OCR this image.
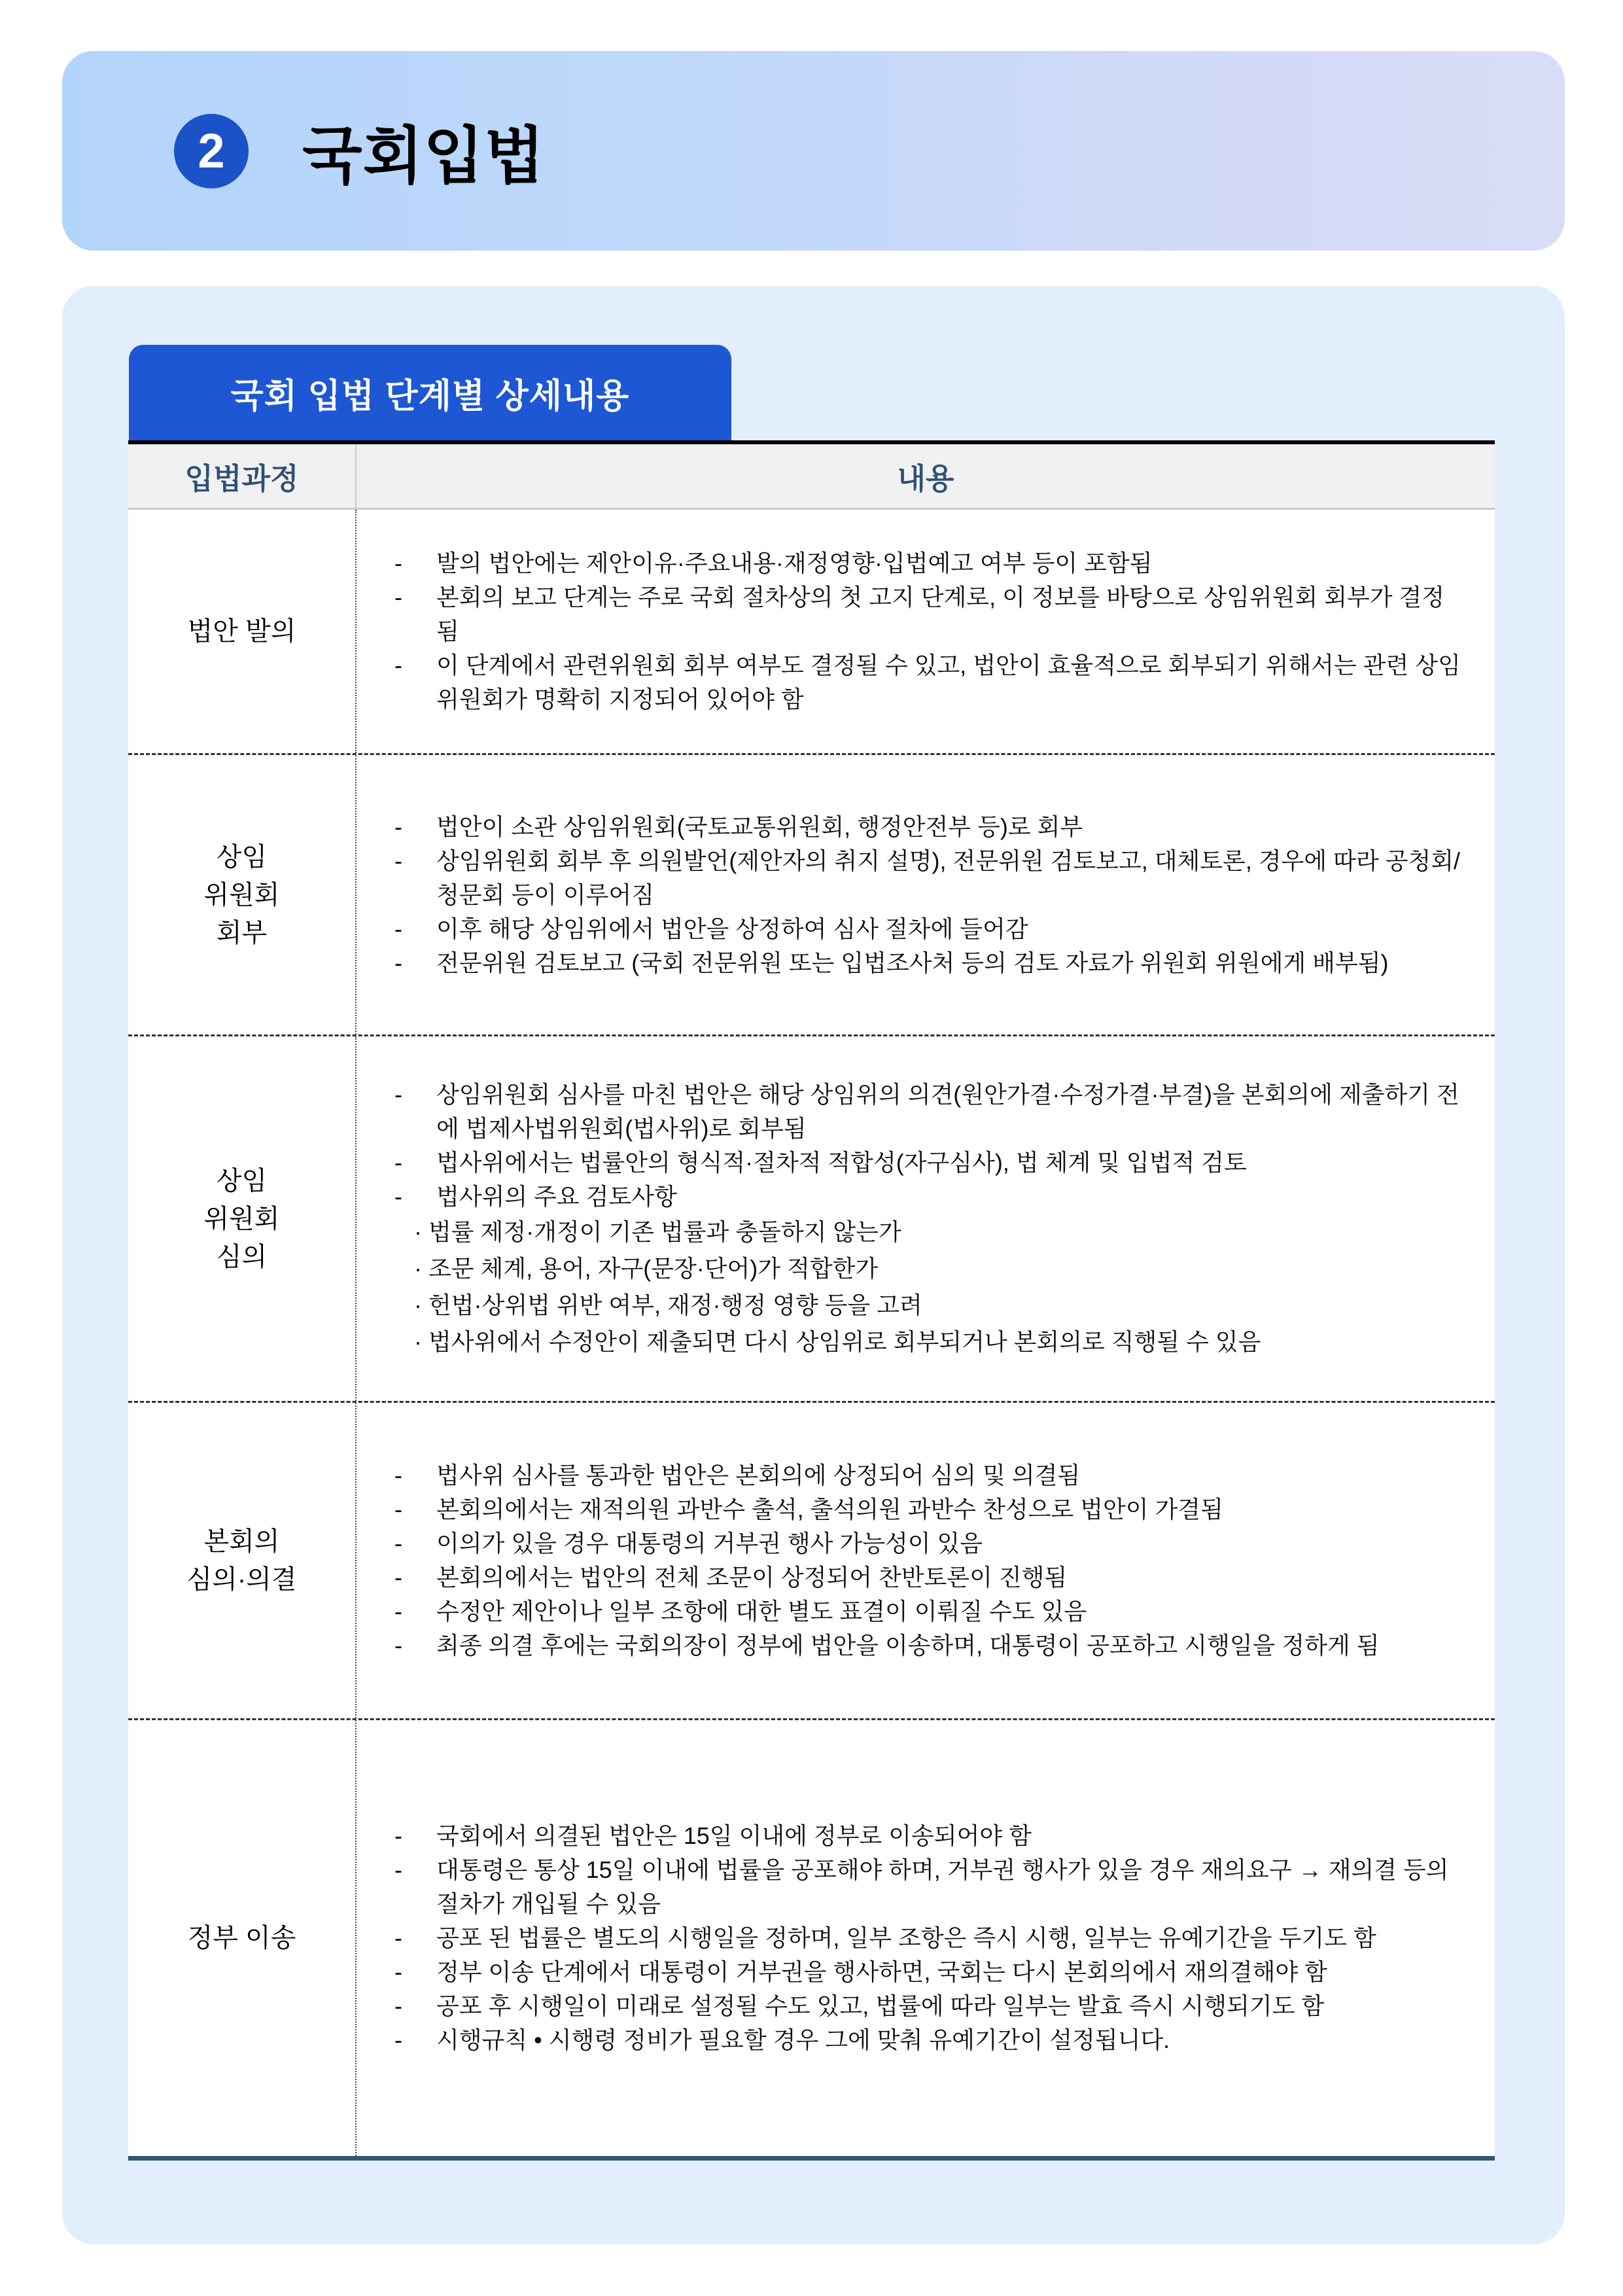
2 국회입법
국회 입법 단계별 상세내용
입법과정	내용
법안 발의
-	발의 법안에는 제안이유·주요내용·재정영향·입법예고 여부 등이 포함됨
-	본회의 보고 단계는 주로 국회 절차상의 첫 고지 단계로, 이 정보를 바탕으로 상임위원회 회부가 결정됨
-	이 단계에서 관련위원회 회부 여부도 결정될 수 있고, 법안이 효율적으로 회부되기 위해서는 관련 상임위원회가 명확히 지정되어 있어야 함
상임
위원회
회부
-	법안이 소관 상임위원회(국토교통위원회, 행정안전부 등)로 회부
-	상임위원회 회부 후 의원발언(제안자의 취지 설명), 전문위원 검토보고, 대체토론, 경우에 따라 공청회/청문회 등이 이루어짐
-	이후 해당 상임위에서 법안을 상정하여 심사 절차에 들어감
-	전문위원 검토보고 (국회 전문위원 또는 입법조사처 등의 검토 자료가 위원회 위원에게 배부됨)
상임
위원회
심의
-	상임위원회 심사를 마친 법안은 해당 상임위의 의견(원안가결·수정가결·부결)을 본회의에 제출하기 전에 법제사법위원회(법사위)로 회부됨
-	법사위에서는 법률안의 형식적·절차적 적합성(자구심사), 법 체계 및 입법적 검토
-	법사위의 주요 검토사항
· 법률 제정·개정이 기존 법률과 충돌하지 않는가
· 조문 체계, 용어, 자구(문장·단어)가 적합한가
· 헌법·상위법 위반 여부, 재정·행정 영향 등을 고려
· 법사위에서 수정안이 제출되면 다시 상임위로 회부되거나 본회의로 직행될 수 있음
본회의
심의·의결
-	법사위 심사를 통과한 법안은 본회의에 상정되어 심의 및 의결됨
-	본회의에서는 재적의원 과반수 출석, 출석의원 과반수 찬성으로 법안이 가결됨
-	이의가 있을 경우 대통령의 거부권 행사 가능성이 있음
-	본회의에서는 법안의 전체 조문이 상정되어 찬반토론이 진행됨
-	수정안 제안이나 일부 조항에 대한 별도 표결이 이뤄질 수도 있음
-	최종 의결 후에는 국회의장이 정부에 법안을 이송하며, 대통령이 공포하고 시행일을 정하게 됨
정부 이송
-	국회에서 의결된 법안은 15일 이내에 정부로 이송되어야 함
-	대통령은 통상 15일 이내에 법률을 공포해야 하며, 거부권 행사가 있을 경우 재의요구 → 재의결 등의 절차가 개입될 수 있음
-	공포 된 법률은 별도의 시행일을 정하며, 일부 조항은 즉시 시행, 일부는 유예기간을 두기도 함
-	정부 이송 단계에서 대통령이 거부권을 행사하면, 국회는 다시 본회의에서 재의결해야 함
-	공포 후 시행일이 미래로 설정될 수도 있고, 법률에 따라 일부는 발효 즉시 시행되기도 함
-	시행규칙 • 시행령 정비가 필요할 경우 그에 맞춰 유예기간이 설정됩니다.
